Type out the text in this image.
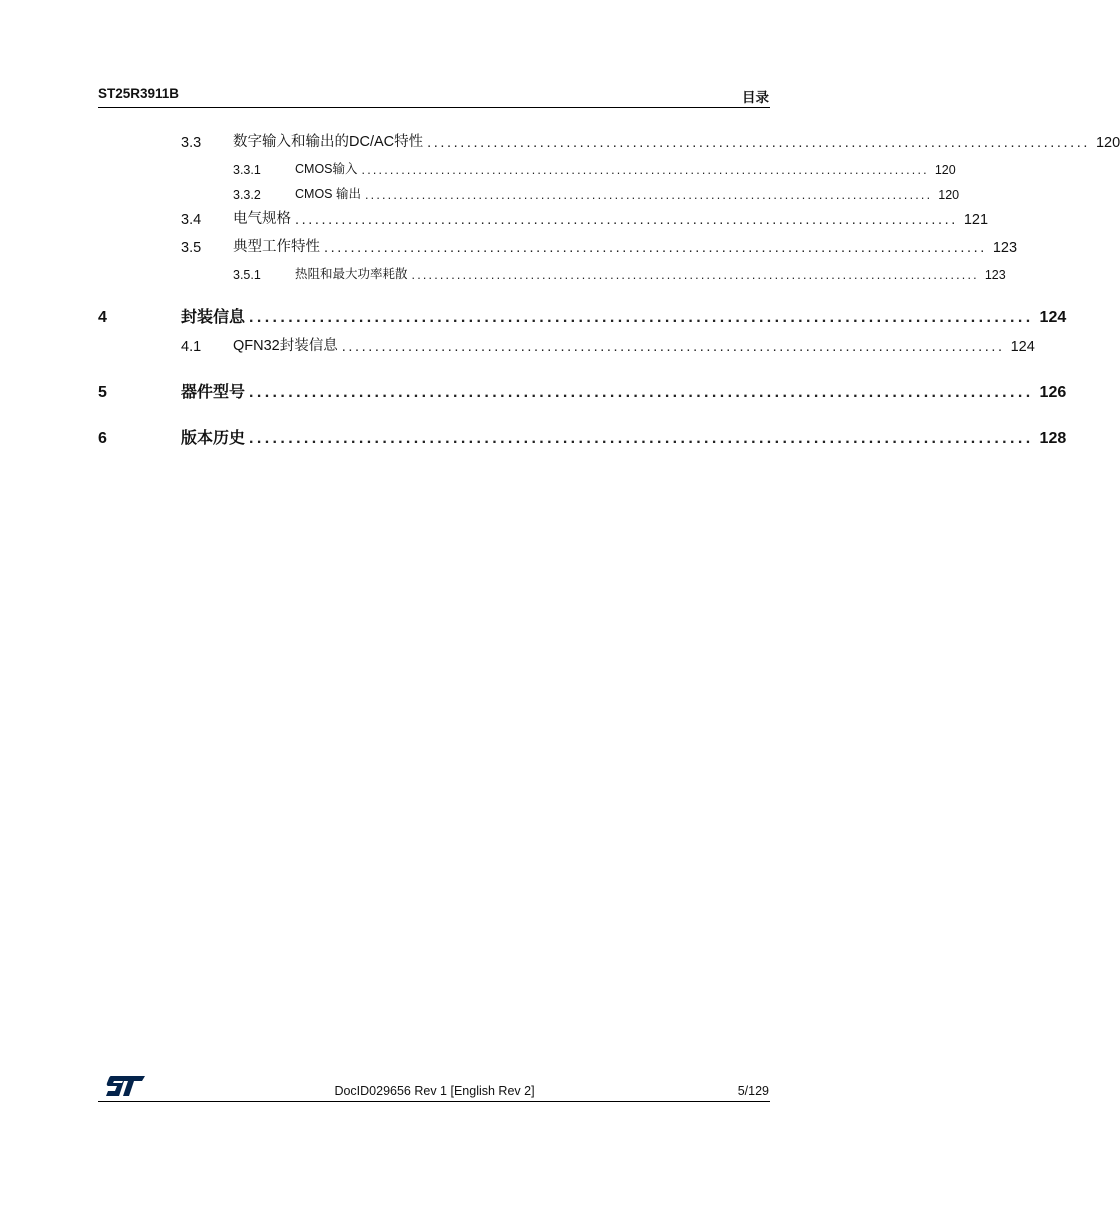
ST25R3911B	目录
3.3 数字输入和输出的DC/AC特性 .................................................................................................... 120
3.3.1	CMOS输入 .................................................................................................... 120
3.3.2	CMOS 输出 .................................................................................................... 120
3.4 电气规格 .................................................................................................... 121
3.5 典型工作特性 .................................................................................................... 123
3.5.1	热阻和最大功率耗散 .................................................................................................... 123
4	封装信息 .................................................................................................... 124
4.1 QFN32封装信息 .................................................................................................... 124
5	器件型号 .................................................................................................... 126
6	版本历史 .................................................................................................... 128
DocID029656 Rev 1 [English Rev 2]	5/129
